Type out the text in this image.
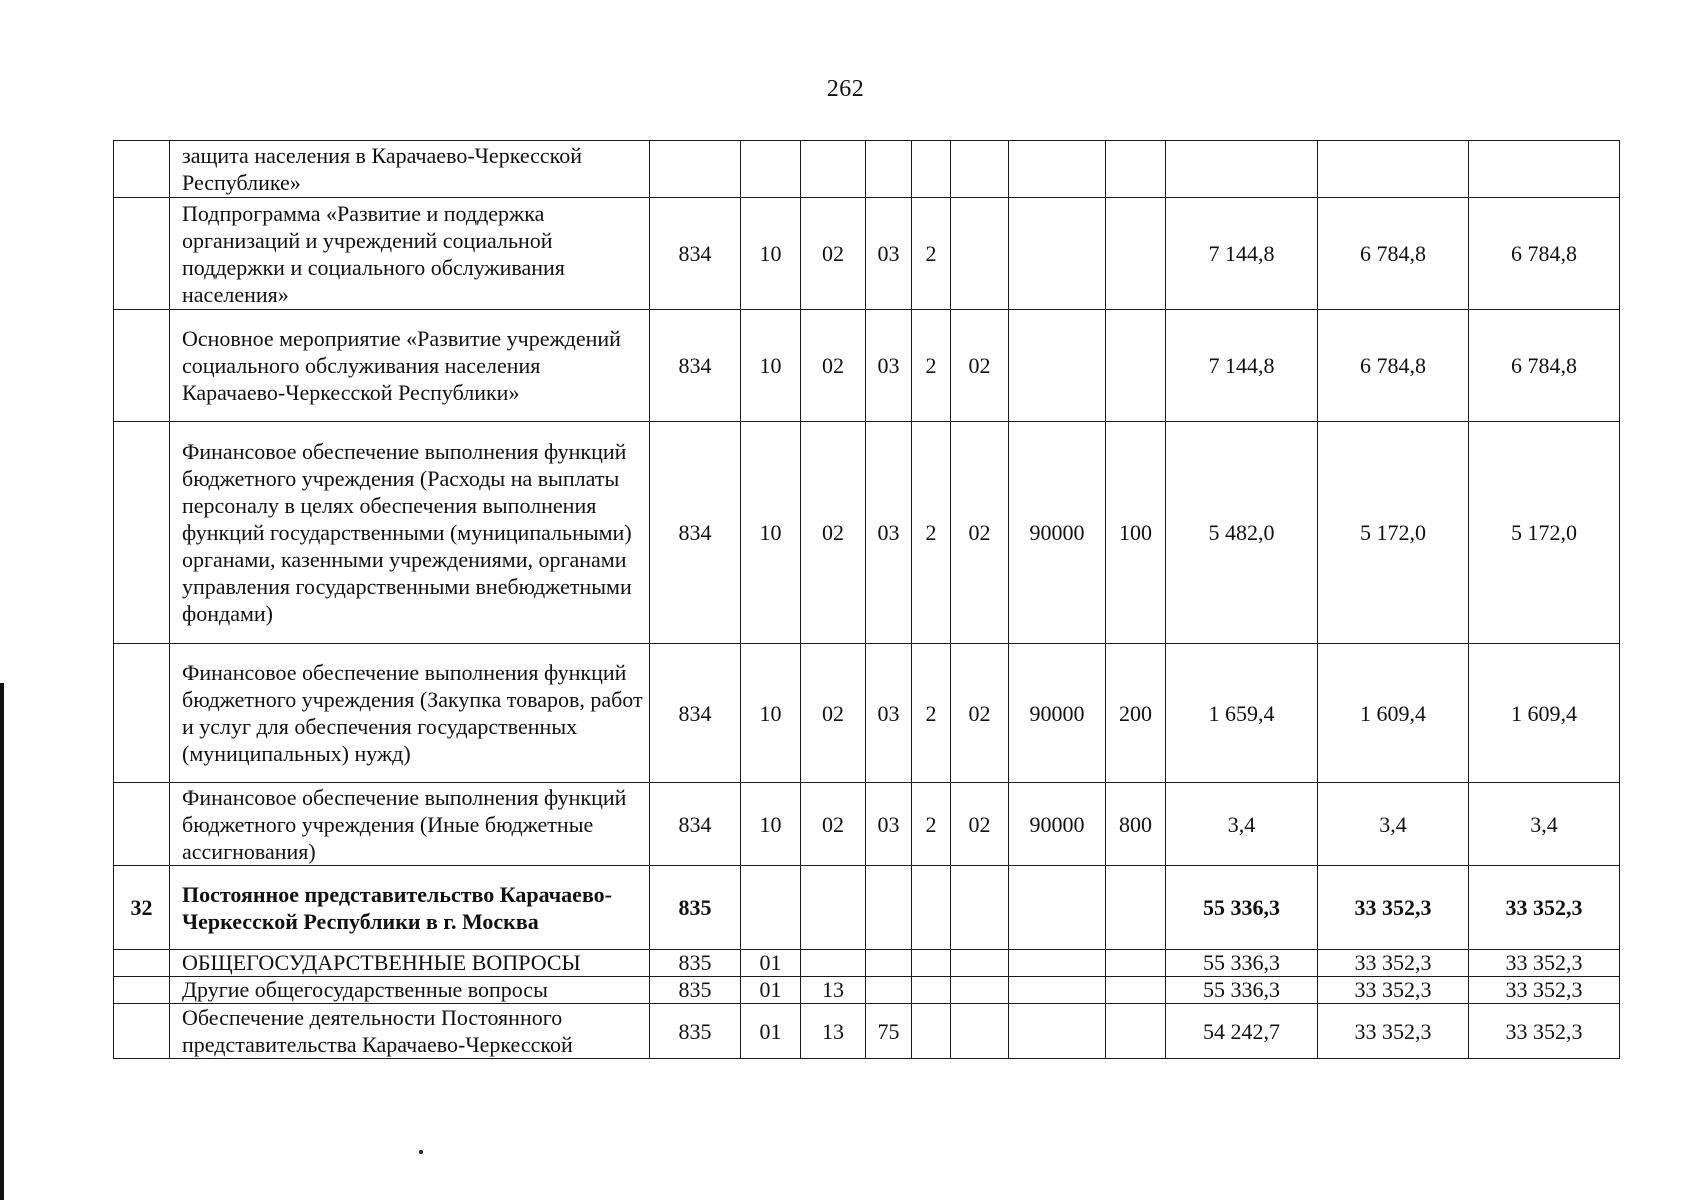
262
	защита населения в Карачаево-Черкесской Республике»											
	Подпрограмма «Развитие и поддержка организаций и учреждений социальной поддержки и социального обслуживания населения»	834	10	02	03	2				7 144,8	6 784,8	6 784,8
	Основное мероприятие «Развитие учреждений социального обслуживания населения Карачаево-Черкесской Республики»	834	10	02	03	2	02			7 144,8	6 784,8	6 784,8
	Финансовое обеспечение выполнения функций бюджетного учреждения (Расходы на выплаты персоналу в целях обеспечения выполнения функций государственными (муниципальными) органами, казенными учреждениями, органами управления государственными внебюджетными фондами)	834	10	02	03	2	02	90000	100	5 482,0	5 172,0	5 172,0
	Финансовое обеспечение выполнения функций бюджетного учреждения (Закупка товаров, работ и услуг для обеспечения государственных (муниципальных) нужд)	834	10	02	03	2	02	90000	200	1 659,4	1 609,4	1 609,4
	Финансовое обеспечение выполнения функций бюджетного учреждения (Иные бюджетные ассигнования)	834	10	02	03	2	02	90000	800	3,4	3,4	3,4
32	Постоянное представительство Карачаево-Черкесской Республики в г. Москва	835								55 336,3	33 352,3	33 352,3
	ОБЩЕГОСУДАРСТВЕННЫЕ ВОПРОСЫ	835	01							55 336,3	33 352,3	33 352,3
	Другие общегосударственные вопросы	835	01	13						55 336,3	33 352,3	33 352,3
	Обеспечение деятельности Постоянного представительства Карачаево-Черкесской	835	01	13	75					54 242,7	33 352,3	33 352,3
